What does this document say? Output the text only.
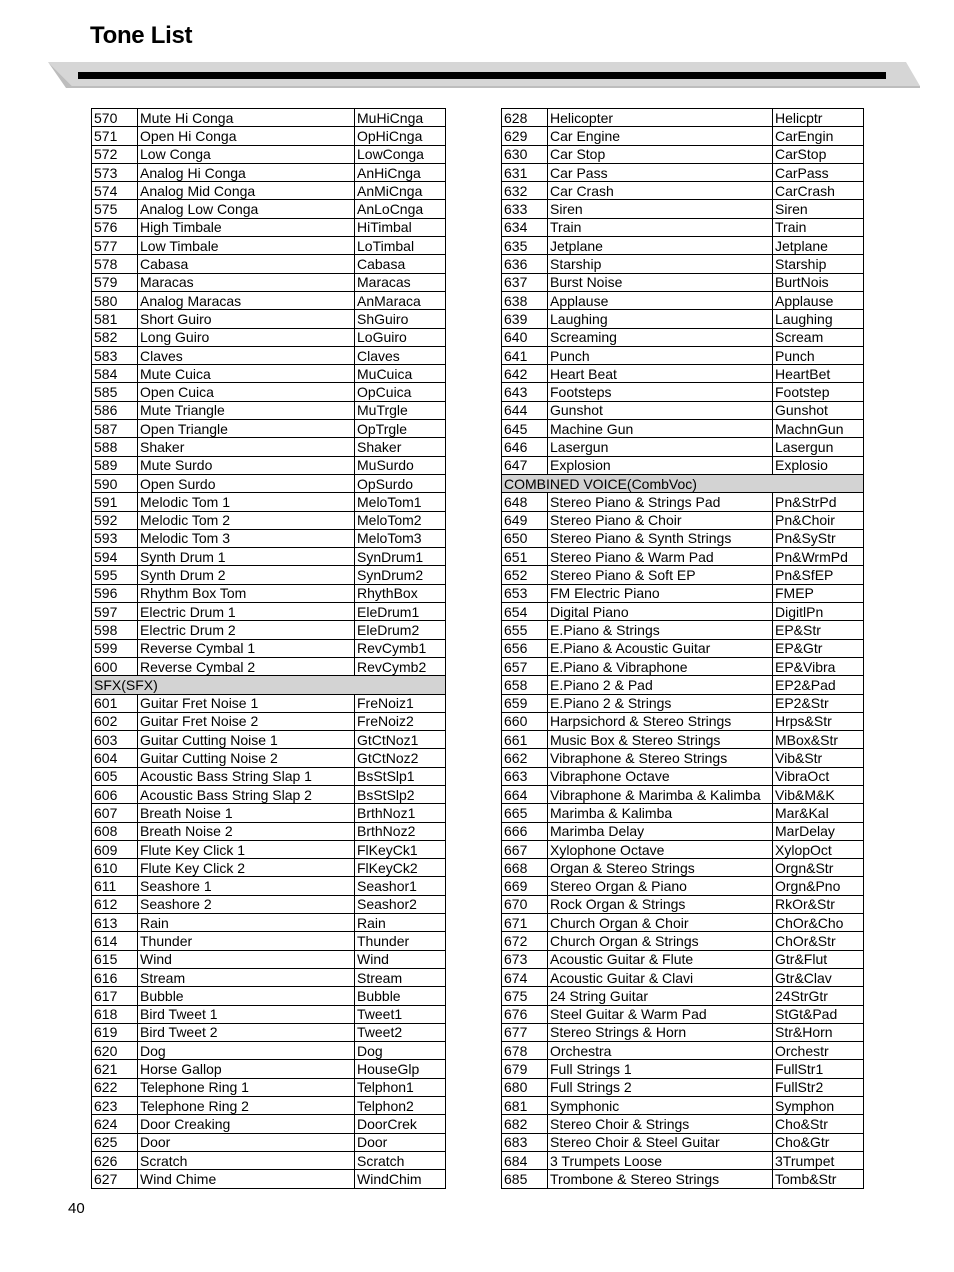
Tone List
570	Mute Hi Conga	MuHiCnga
571	Open Hi Conga	OpHiCnga
572	Low Conga	LowConga
573	Analog Hi Conga	AnHiCnga
574	Analog Mid Conga	AnMiCnga
575	Analog Low Conga	AnLoCnga
576	High Timbale	HiTimbal
577	Low Timbale	LoTimbal
578	Cabasa	Cabasa
579	Maracas	Maracas
580	Analog Maracas	AnMaraca
581	Short Guiro	ShGuiro
582	Long Guiro	LoGuiro
583	Claves	Claves
584	Mute Cuica	MuCuica
585	Open Cuica	OpCuica
586	Mute Triangle	MuTrgle
587	Open Triangle	OpTrgle
588	Shaker	Shaker
589	Mute Surdo	MuSurdo
590	Open Surdo	OpSurdo
591	Melodic Tom 1	MeloTom1
592	Melodic Tom 2	MeloTom2
593	Melodic Tom 3	MeloTom3
594	Synth Drum 1	SynDrum1
595	Synth Drum 2	SynDrum2
596	Rhythm Box Tom	RhythBox
597	Electric Drum 1	EleDrum1
598	Electric Drum 2	EleDrum2
599	Reverse Cymbal 1	RevCymb1
600	Reverse Cymbal 2	RevCymb2
SFX(SFX)		
601	Guitar Fret Noise 1	FreNoiz1
602	Guitar Fret Noise 2	FreNoiz2
603	Guitar Cutting Noise 1	GtCtNoz1
604	Guitar Cutting Noise 2	GtCtNoz2
605	Acoustic Bass String Slap 1	BsStSlp1
606	Acoustic Bass String Slap 2	BsStSlp2
607	Breath Noise 1	BrthNoz1
608	Breath Noise 2	BrthNoz2
609	Flute Key Click 1	FlKeyCk1
610	Flute Key Click 2	FlKeyCk2
611	Seashore 1	Seashor1
612	Seashore 2	Seashor2
613	Rain	Rain
614	Thunder	Thunder
615	Wind	Wind
616	Stream	Stream
617	Bubble	Bubble
618	Bird Tweet 1	Tweet1
619	Bird Tweet 2	Tweet2
620	Dog	Dog
621	Horse Gallop	HouseGlp
622	Telephone Ring 1	Telphon1
623	Telephone Ring 2	Telphon2
624	Door Creaking	DoorCrek
625	Door	Door
626	Scratch	Scratch
627	Wind Chime	WindChim
628	Helicopter	Helicptr
629	Car Engine	CarEngin
630	Car Stop	CarStop
631	Car Pass	CarPass
632	Car Crash	CarCrash
633	Siren	Siren
634	Train	Train
635	Jetplane	Jetplane
636	Starship	Starship
637	Burst Noise	BurtNois
638	Applause	Applause
639	Laughing	Laughing
640	Screaming	Scream
641	Punch	Punch
642	Heart Beat	HeartBet
643	Footsteps	Footstep
644	Gunshot	Gunshot
645	Machine Gun	MachnGun
646	Lasergun	Lasergun
647	Explosion	Explosio
COMBINED VOICE(CombVoc)		
648	Stereo Piano & Strings Pad	Pn&StrPd
649	Stereo Piano & Choir	Pn&Choir
650	Stereo Piano & Synth Strings	Pn&SyStr
651	Stereo Piano & Warm Pad	Pn&WrmPd
652	Stereo Piano & Soft EP	Pn&SfEP
653	FM Electric Piano	FMEP
654	Digital Piano	DigitlPn
655	E.Piano & Strings	EP&Str
656	E.Piano & Acoustic Guitar	EP&Gtr
657	E.Piano & Vibraphone	EP&Vibra
658	E.Piano 2 & Pad	EP2&Pad
659	E.Piano 2 & Strings	EP2&Str
660	Harpsichord & Stereo Strings	Hrps&Str
661	Music Box & Stereo Strings	MBox&Str
662	Vibraphone & Stereo Strings	Vib&Str
663	Vibraphone Octave	VibraOct
664	Vibraphone & Marimba & Kalimba	Vib&M&K
665	Marimba & Kalimba	Mar&Kal
666	Marimba Delay	MarDelay
667	Xylophone Octave	XylopOct
668	Organ & Stereo Strings	Orgn&Str
669	Stereo Organ & Piano	Orgn&Pno
670	Rock Organ & Strings	RkOr&Str
671	Church Organ & Choir	ChOr&Cho
672	Church Organ & Strings	ChOr&Str
673	Acoustic Guitar & Flute	Gtr&Flut
674	Acoustic Guitar & Clavi	Gtr&Clav
675	24 String Guitar	24StrGtr
676	Steel Guitar & Warm Pad	StGt&Pad
677	Stereo Strings & Horn	Str&Horn
678	Orchestra	Orchestr
679	Full Strings 1	FullStr1
680	Full Strings 2	FullStr2
681	Symphonic	Symphon
682	Stereo Choir & Strings	Cho&Str
683	Stereo Choir & Steel Guitar	Cho&Gtr
684	3 Trumpets Loose	3Trumpet
685	Trombone & Stereo Strings	Tomb&Str
40
